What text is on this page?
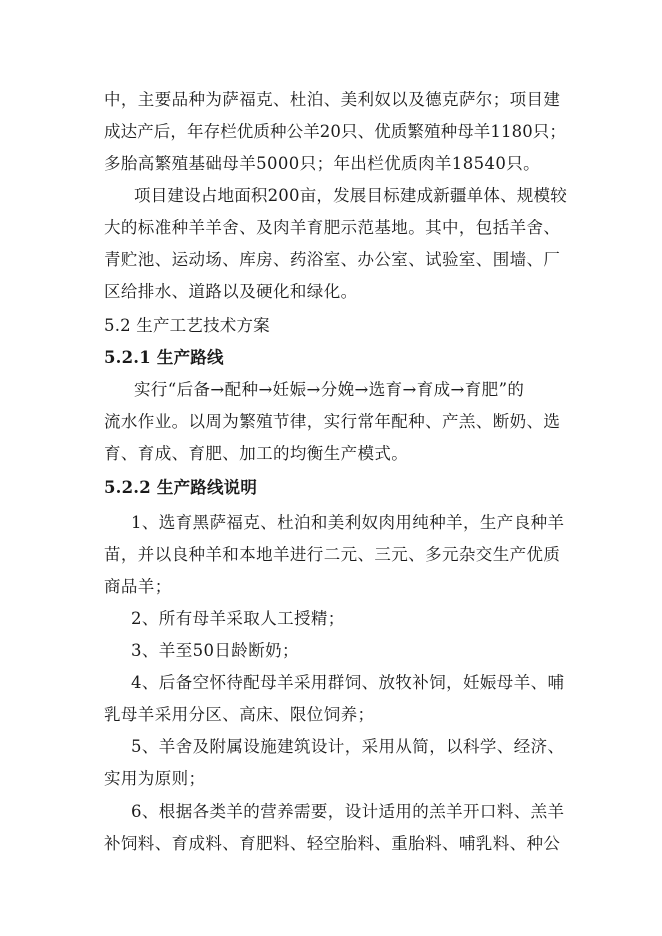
中，主要品种为萨福克、杜泊、美利奴以及德克萨尔；项目建
成达产后，年存栏优质种公羊20只、优质繁殖种母羊1180只；
多胎高繁殖基础母羊5000只；年出栏优质肉羊18540只。
项目建设占地面积200亩，发展目标建成新疆单体、规模较
大的标准种羊羊舍、及肉羊育肥示范基地。其中，包括羊舍、
青贮池、运动场、库房、药浴室、办公室、试验室、围墙、厂
区给排水、道路以及硬化和绿化。
5.2 生产工艺技术方案
5.2.1 生产路线
实行“后备→配种→妊娠→分娩→选育→育成→育肥”的
流水作业。以周为繁殖节律，实行常年配种、产羔、断奶、选
育、育成、育肥、加工的均衡生产模式。
5.2.2 生产路线说明
1、选育黑萨福克、杜泊和美利奴肉用纯种羊，生产良种羊
苗，并以良种羊和本地羊进行二元、三元、多元杂交生产优质
商品羊；
2、所有母羊采取人工授精；
3、羊至50日龄断奶；
4、后备空怀待配母羊采用群饲、放牧补饲，妊娠母羊、哺
乳母羊采用分区、高床、限位饲养；
5、羊舍及附属设施建筑设计，采用从简，以科学、经济、
实用为原则；
6、根据各类羊的营养需要，设计适用的羔羊开口料、羔羊
补饲料、育成料、育肥料、轻空胎料、重胎料、哺乳料、种公
